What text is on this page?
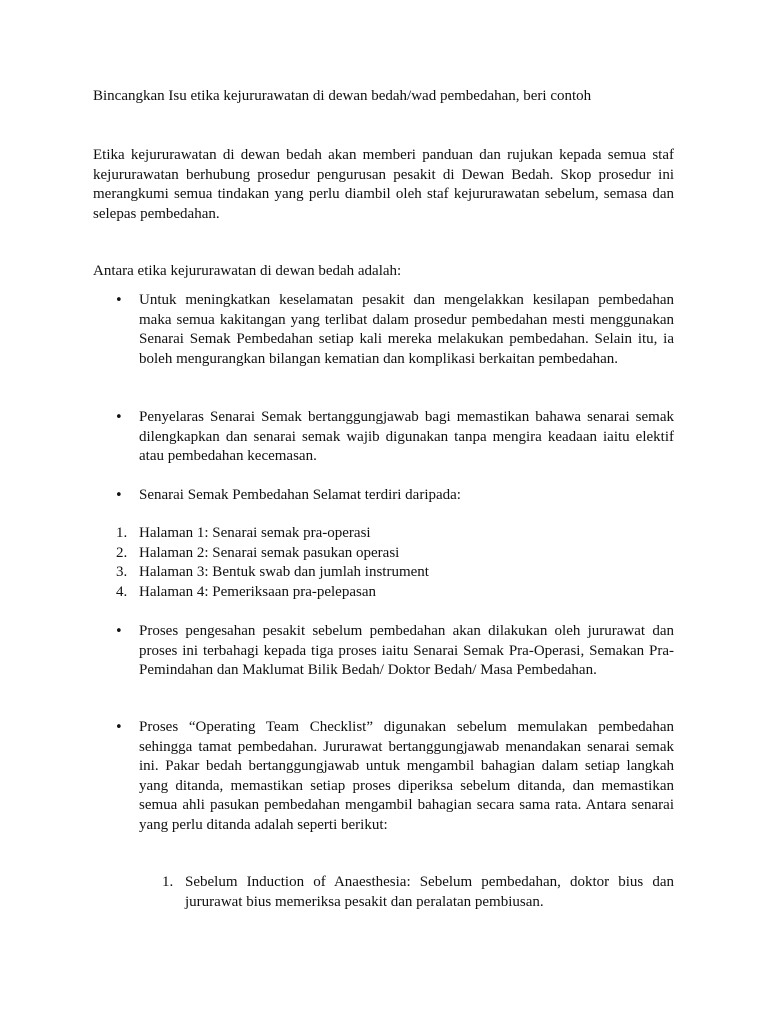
Bincangkan Isu etika kejururawatan di dewan bedah/wad pembedahan, beri contoh
Etika kejururawatan di dewan bedah akan memberi panduan dan rujukan kepada semua staf kejururawatan berhubung prosedur pengurusan pesakit di Dewan Bedah. Skop prosedur ini merangkumi semua tindakan yang perlu diambil oleh staf kejururawatan sebelum, semasa dan selepas pembedahan.
Antara etika kejururawatan di dewan bedah adalah:
• Untuk meningkatkan keselamatan pesakit dan mengelakkan kesilapan pembedahan maka semua kakitangan yang terlibat dalam prosedur pembedahan mesti menggunakan Senarai Semak Pembedahan setiap kali mereka melakukan pembedahan. Selain itu, ia boleh mengurangkan bilangan kematian dan komplikasi berkaitan pembedahan.
• Penyelaras Senarai Semak bertanggungjawab bagi memastikan bahawa senarai semak dilengkapkan dan senarai semak wajib digunakan tanpa mengira keadaan iaitu elektif atau pembedahan kecemasan.
• Senarai Semak Pembedahan Selamat terdiri daripada:
1. Halaman 1: Senarai semak pra-operasi
2. Halaman 2: Senarai semak pasukan operasi
3. Halaman 3: Bentuk swab dan jumlah instrument
4. Halaman 4: Pemeriksaan pra-pelepasan
• Proses pengesahan pesakit sebelum pembedahan akan dilakukan oleh jururawat dan proses ini terbahagi kepada tiga proses iaitu Senarai Semak Pra-Operasi, Semakan Pra-Pemindahan dan Maklumat Bilik Bedah/ Doktor Bedah/ Masa Pembedahan.
• Proses “Operating Team Checklist” digunakan sebelum memulakan pembedahan sehingga tamat pembedahan. Jururawat bertanggungjawab menandakan senarai semak ini. Pakar bedah bertanggungjawab untuk mengambil bahagian dalam setiap langkah yang ditanda, memastikan setiap proses diperiksa sebelum ditanda, dan memastikan semua ahli pasukan pembedahan mengambil bahagian secara sama rata. Antara senarai yang perlu ditanda adalah seperti berikut:
1. Sebelum Induction of Anaesthesia: Sebelum pembedahan, doktor bius dan jururawat bius memeriksa pesakit dan peralatan pembiusan.
